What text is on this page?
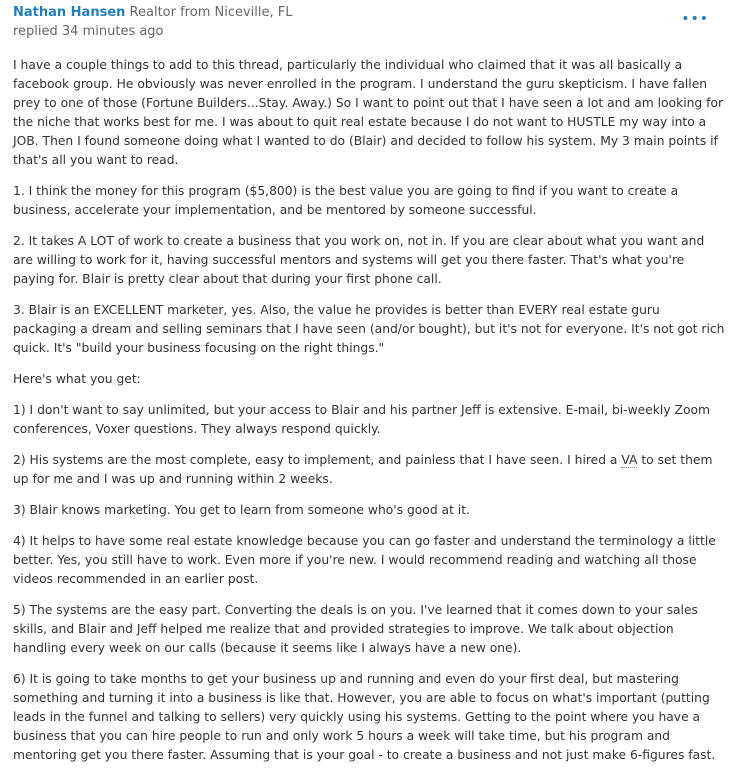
Nathan Hansen Realtor from Niceville, FL
replied 34 minutes ago
•••

I have a couple things to add to this thread, particularly the individual who claimed that it was all basically a facebook group. He obviously was never enrolled in the program. I understand the guru skepticism. I have fallen prey to one of those (Fortune Builders...Stay. Away.) So I want to point out that I have seen a lot and am looking for the niche that works best for me. I was about to quit real estate because I do not want to HUSTLE my way into a JOB. Then I found someone doing what I wanted to do (Blair) and decided to follow his system. My 3 main points if that's all you want to read.

1. I think the money for this program ($5,800) is the best value you are going to find if you want to create a business, accelerate your implementation, and be mentored by someone successful.

2. It takes A LOT of work to create a business that you work on, not in. If you are clear about what you want and are willing to work for it, having successful mentors and systems will get you there faster. That's what you're paying for. Blair is pretty clear about that during your first phone call.

3. Blair is an EXCELLENT marketer, yes. Also, the value he provides is better than EVERY real estate guru packaging a dream and selling seminars that I have seen (and/or bought), but it's not for everyone. It's not got rich quick. It's "build your business focusing on the right things."

Here's what you get:

1) I don't want to say unlimited, but your access to Blair and his partner Jeff is extensive. E-mail, bi-weekly Zoom conferences, Voxer questions. They always respond quickly.

2) His systems are the most complete, easy to implement, and painless that I have seen. I hired a VA to set them up for me and I was up and running within 2 weeks.

3) Blair knows marketing. You get to learn from someone who's good at it.

4) It helps to have some real estate knowledge because you can go faster and understand the terminology a little better. Yes, you still have to work. Even more if you're new. I would recommend reading and watching all those videos recommended in an earlier post.

5) The systems are the easy part. Converting the deals is on you. I've learned that it comes down to your sales skills, and Blair and Jeff helped me realize that and provided strategies to improve. We talk about objection handling every week on our calls (because it seems like I always have a new one).

6) It is going to take months to get your business up and running and even do your first deal, but mastering something and turning it into a business is like that. However, you are able to focus on what's important (putting leads in the funnel and talking to sellers) very quickly using his systems. Getting to the point where you have a business that you can hire people to run and only work 5 hours a week will take time, but his program and mentoring get you there faster. Assuming that is your goal - to create a business and not just make 6-figures fast.
